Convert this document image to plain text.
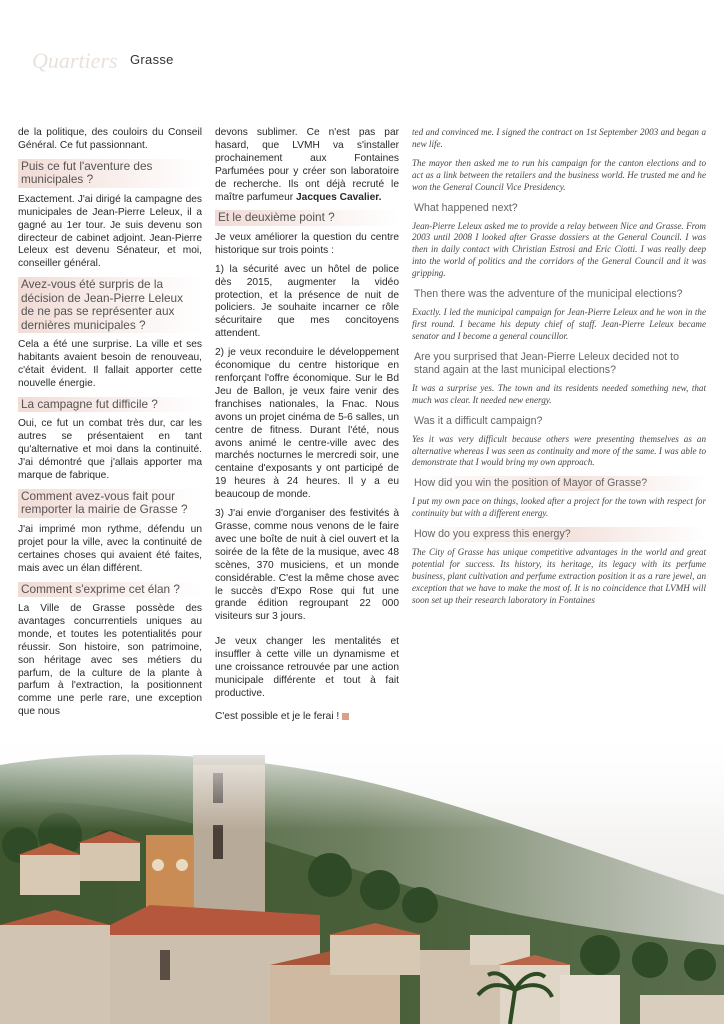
Quartiers Grasse

de la politique, des couloirs du Conseil Général. Ce fut passionnant.

Puis ce fut l'aventure des municipales ?

Exactement. J'ai dirigé la campagne des municipales de Jean-Pierre Leleux, il a gagné au 1er tour. Je suis devenu son directeur de cabinet adjoint. Jean-Pierre Leleux est devenu Sénateur, et moi, conseiller général.

Avez-vous été surpris de la décision de Jean-Pierre Leleux de ne pas se représenter aux dernières municipales ?

Cela a été une surprise. La ville et ses habitants avaient besoin de renouveau, c'était évident. Il fallait apporter cette nouvelle énergie.

La campagne fut difficile ?

Oui, ce fut un combat très dur, car les autres se présentaient en tant qu'alternative et moi dans la continuité. J'ai démontré que j'allais apporter ma marque de fabrique.

Comment avez-vous fait pour remporter la mairie de Grasse ?

J'ai imprimé mon rythme, défendu un projet pour la ville, avec la continuité de certaines choses qui avaient été faites, mais avec un élan différent.

Comment s'exprime cet élan ?

La Ville de Grasse possède des avantages concurrentiels uniques au monde, et toutes les potentialités pour réussir. Son histoire, son patrimoine, son héritage avec ses métiers du parfum, de la culture de la plante à parfum à l'extraction, la positionnent comme une perle rare, une exception que nous

devons sublimer. Ce n'est pas par hasard, que LVMH va s'installer prochainement aux Fontaines Parfumées pour y créer son laboratoire de recherche. Ils ont déjà recruté le maître parfumeur Jacques Cavalier.

Et le deuxième point ?

Je veux améliorer la question du centre historique sur trois points :

1) la sécurité avec un hôtel de police dès 2015, augmenter la vidéo protection, et la présence de nuit de policiers. Je souhaite incarner ce rôle sécuritaire que mes concitoyens attendent.

2) je veux reconduire le développement économique du centre historique en renforçant l'offre économique. Sur le Bd Jeu de Ballon, je veux faire venir des franchises nationales, la Fnac. Nous avons un projet cinéma de 5-6 salles, un centre de fitness. Durant l'été, nous avons animé le centre-ville avec des marchés nocturnes le mercredi soir, une centaine d'exposants y ont participé de 19 heures à 24 heures. Il y a eu beaucoup de monde.

3) J'ai envie d'organiser des festivités à Grasse, comme nous venons de le faire avec une boîte de nuit à ciel ouvert et la soirée de la fête de la musique, avec 48 scènes, 370 musiciens, et un monde considérable. C'est la même chose avec le succès d'Expo Rose qui fut une grande édition regroupant 22 000 visiteurs sur 3 jours.

Je veux changer les mentalités et insuffler à cette ville un dynamisme et une croissance retrouvée par une action municipale différente et tout à fait productive.

C'est possible et je le ferai !

ted and convinced me. I signed the contract on 1st September 2003 and began a new life.

The mayor then asked me to run his campaign for the canton elections and to act as a link between the retailers and the business world. He trusted me and he won the General Council Vice Presidency.

What happened next?

Jean-Pierre Leleux asked me to provide a relay between Nice and Grasse. From 2003 until 2008 I looked after Grasse dossiers at the General Council. I was then in daily contact with Christian Estrosi and Eric Ciotti. I was really deep into the world of politics and the corridors of the General Council and it was gripping.

Then there was the adventure of the municipal elections?

Exactly. I led the municipal campaign for Jean-Pierre Leleux and he won in the first round. I became his deputy chief of staff. Jean-Pierre Leleux became senator and I become a general councillor.

Are you surprised that Jean-Pierre Leleux decided not to stand again at the last municipal elections?

It was a surprise yes. The town and its residents needed something new, that much was clear. It needed new energy.

Was it a difficult campaign?

Yes it was very difficult because others were presenting themselves as an alternative whereas I was seen as continuity and more of the same. I was able to demonstrate that I would bring my own approach.

How did you win the position of Mayor of Grasse?

I put my own pace on things, looked after a project for the town with respect for continuity but with a different energy.

How do you express this energy?

The City of Grasse has unique competitive advantages in the world and great potential for success. Its history, its heritage, its legacy with its perfume business, plant cultivation and perfume extraction position it as a rare jewel, an exception that we have to make the most of. It is no coincidence that LVMH will soon set up their research laboratory in Fontaines
